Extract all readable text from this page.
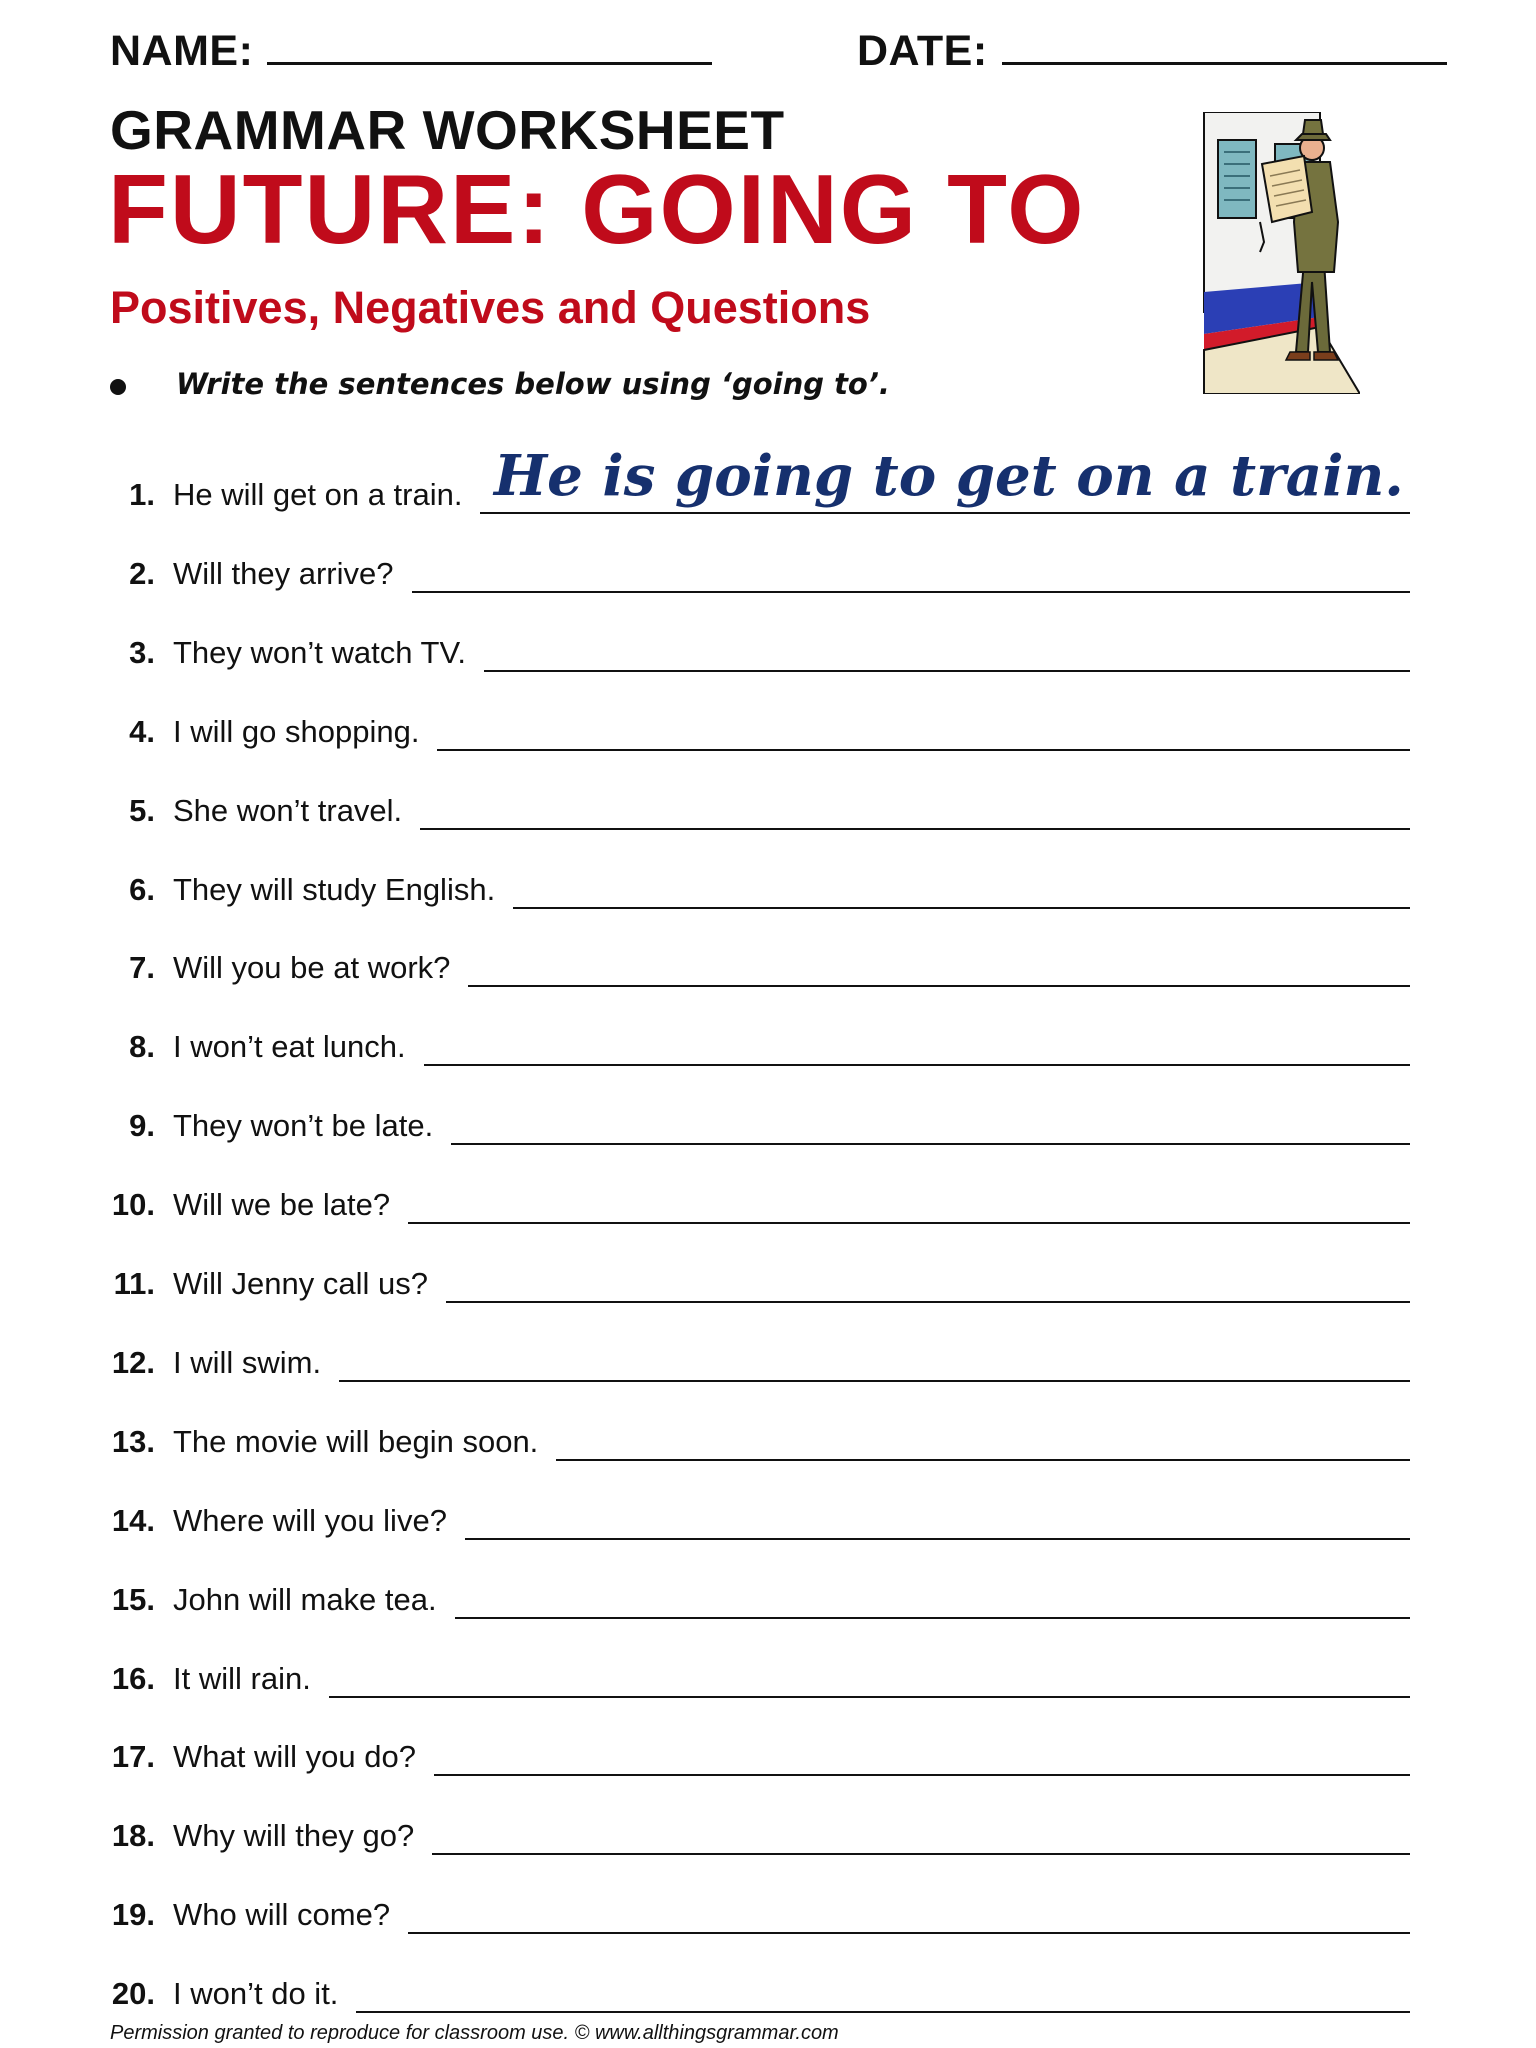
NAME:	DATE:
GRAMMAR WORKSHEET
FUTURE: GOING TO
Positives, Negatives and Questions
Write the sentences below using ‘going to’.
1. He will get on a train. He is going to get on a train.
2. Will they arrive?
3. They won’t watch TV.
4. I will go shopping.
5. She won’t travel.
6. They will study English.
7. Will you be at work?
8. I won’t eat lunch.
9. They won’t be late.
10. Will we be late?
11. Will Jenny call us?
12. I will swim.
13. The movie will begin soon.
14. Where will you live?
15. John will make tea.
16. It will rain.
17. What will you do?
18. Why will they go?
19. Who will come?
20. I won’t do it.
Permission granted to reproduce for classroom use. © www.allthingsgrammar.com
